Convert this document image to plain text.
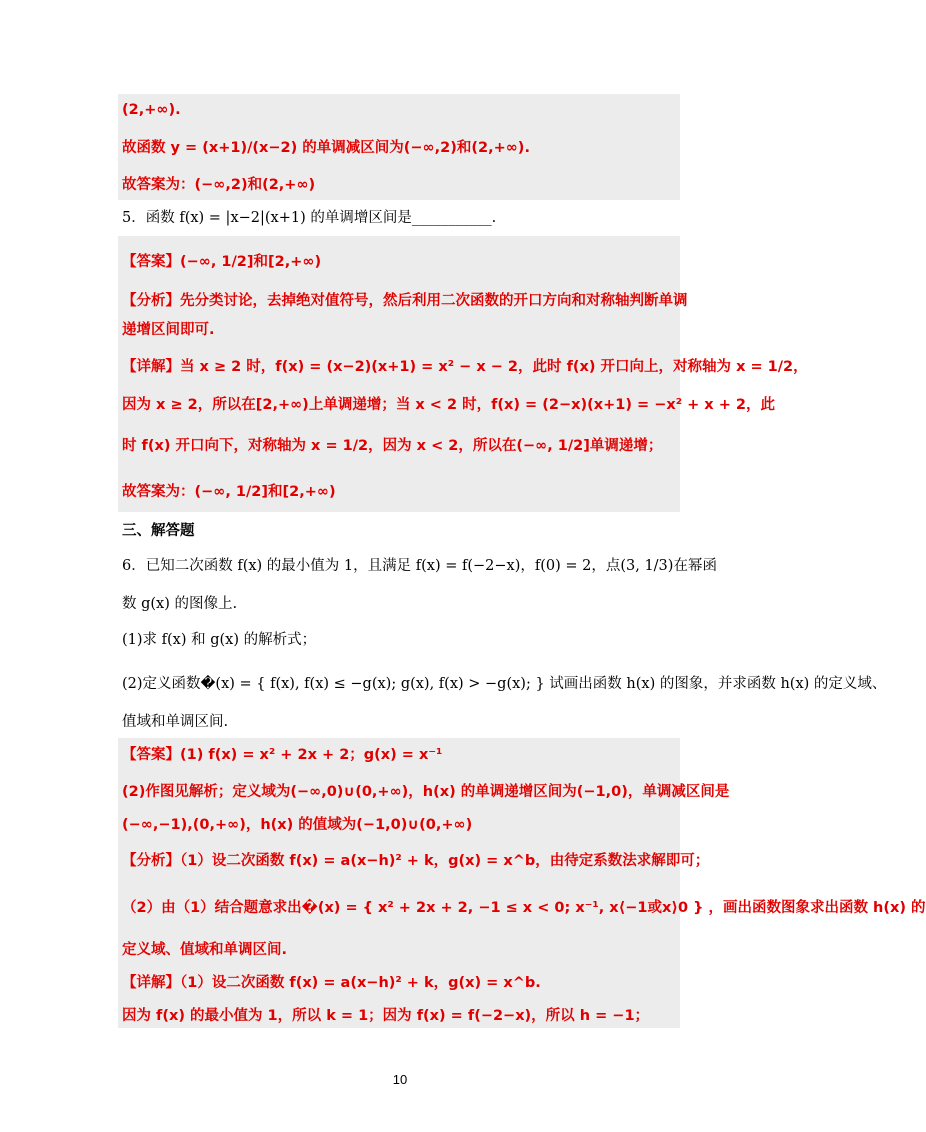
(2,+∞).
故函数 y = (x+1)/(x−2) 的单调减区间为(−∞,2)和(2,+∞).
故答案为：(−∞,2)和(2,+∞)
5．函数 f(x) = |x−2|(x+1) 的单调增区间是___________.
【答案】(−∞, 1/2]和[2,+∞)
【分析】先分类讨论，去掉绝对值符号，然后利用二次函数的开口方向和对称轴判断单调
递增区间即可.
【详解】当 x ≥ 2 时，f(x) = (x−2)(x+1) = x² − x − 2，此时 f(x) 开口向上，对称轴为 x = 1/2，
因为 x ≥ 2，所以在[2,+∞)上单调递增；当 x < 2 时，f(x) = (2−x)(x+1) = −x² + x + 2，此
时 f(x) 开口向下，对称轴为 x = 1/2，因为 x < 2，所以在(−∞, 1/2]单调递增；
故答案为：(−∞, 1/2]和[2,+∞)
三、解答题
6．已知二次函数 f(x) 的最小值为 1，且满足 f(x) = f(−2−x)，f(0) = 2，点(3, 1/3)在幂函
数 g(x) 的图像上.
(1)求 f(x) 和 g(x) 的解析式；
(2)定义函数�(x) = { f(x), f(x) ≤ −g(x); g(x), f(x) > −g(x); } 试画出函数 h(x) 的图象，并求函数 h(x) 的定义域、
值域和单调区间.
【答案】(1) f(x) = x² + 2x + 2；g(x) = x⁻¹
(2)作图见解析；定义域为(−∞,0)∪(0,+∞)，h(x) 的单调递增区间为(−1,0)，单调减区间是
(−∞,−1),(0,+∞)，h(x) 的值域为(−1,0)∪(0,+∞)
【分析】（1）设二次函数 f(x) = a(x−h)² + k，g(x) = x^b，由待定系数法求解即可；
（2）由（1）结合题意求出�(x) = { x² + 2x + 2, −1 ≤ x < 0; x⁻¹, x⟨−1或x⟩0 } ，画出函数图象求出函数 h(x) 的
定义域、值域和单调区间.
【详解】（1）设二次函数 f(x) = a(x−h)² + k，g(x) = x^b.
因为 f(x) 的最小值为 1，所以 k = 1；因为 f(x) = f(−2−x)，所以 h = −1；
10
